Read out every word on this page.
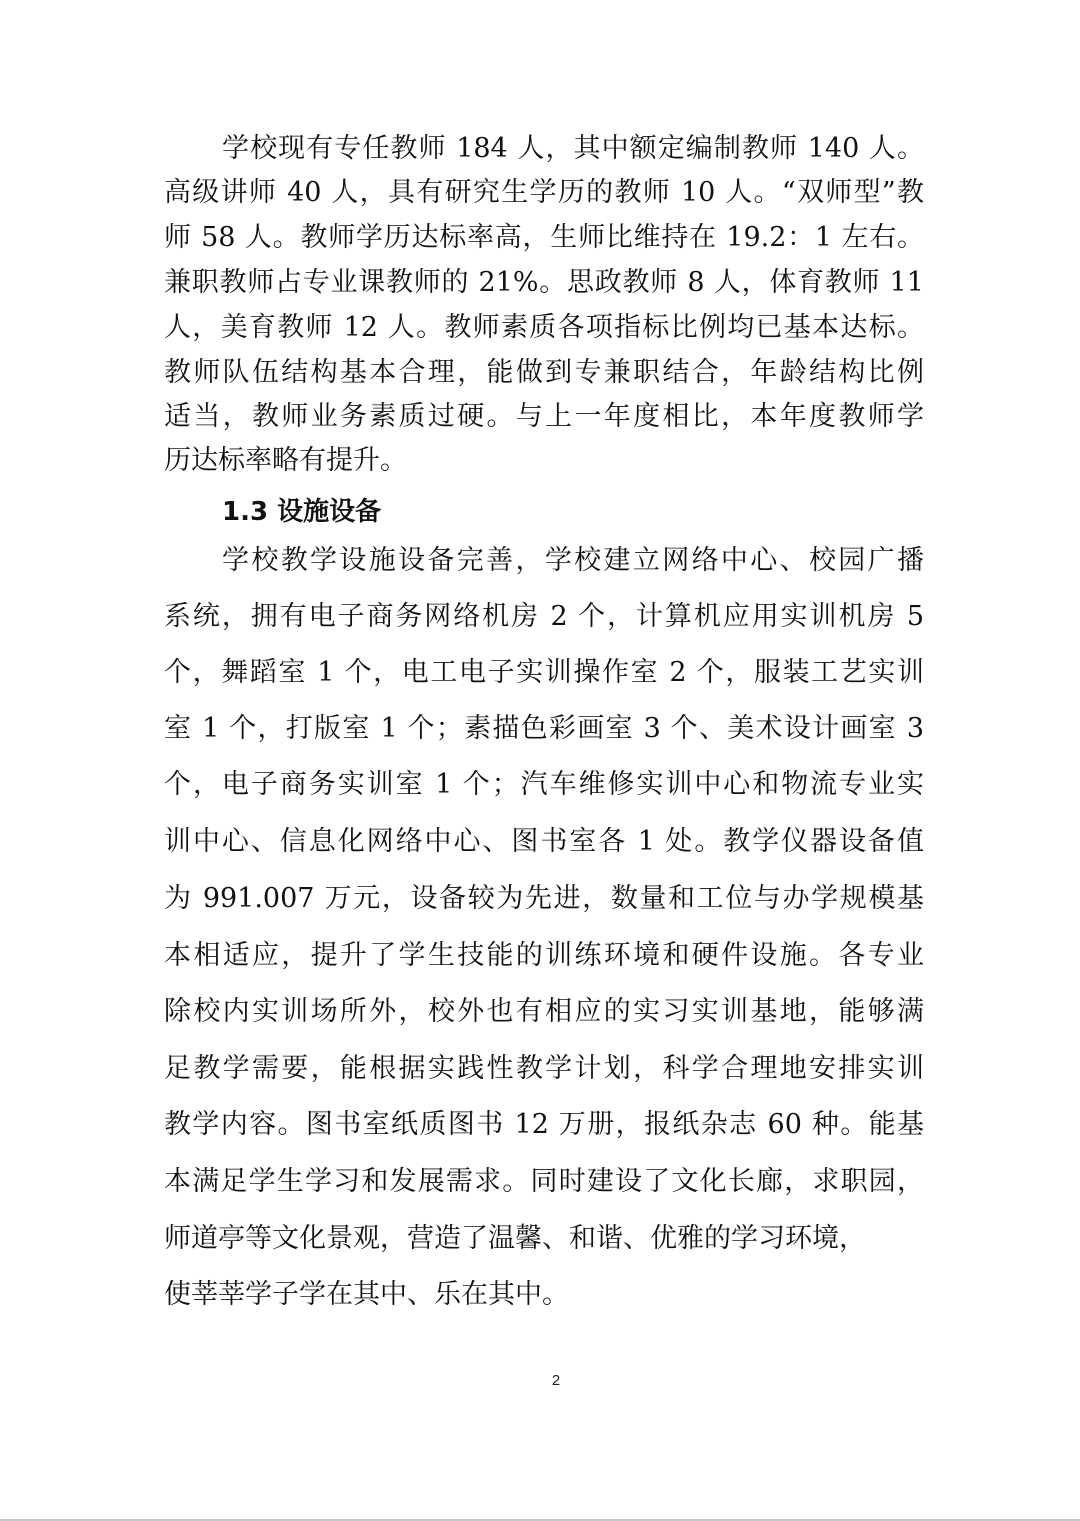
学校现有专任教师 184 人，其中额定编制教师 140 人。
高级讲师 40 人，具有研究生学历的教师 10 人。“双师型”教
师 58 人。教师学历达标率高，生师比维持在 19.2：1 左右。
兼职教师占专业课教师的 21%。思政教师 8 人，体育教师 11
人，美育教师 12 人。教师素质各项指标比例均已基本达标。
教师队伍结构基本合理，能做到专兼职结合，年龄结构比例
适当，教师业务素质过硬。与上一年度相比，本年度教师学
历达标率略有提升。
1.3 设施设备
学校教学设施设备完善，学校建立网络中心、校园广播
系统，拥有电子商务网络机房 2 个，计算机应用实训机房 5
个，舞蹈室 1 个，电工电子实训操作室 2 个，服装工艺实训
室 1 个，打版室 1 个；素描色彩画室 3 个、美术设计画室 3
个，电子商务实训室 1 个；汽车维修实训中心和物流专业实
训中心、信息化网络中心、图书室各 1 处。教学仪器设备值
为 991.007 万元，设备较为先进，数量和工位与办学规模基
本相适应，提升了学生技能的训练环境和硬件设施。各专业
除校内实训场所外，校外也有相应的实习实训基地，能够满
足教学需要，能根据实践性教学计划，科学合理地安排实训
教学内容。图书室纸质图书 12 万册，报纸杂志 60 种。能基
本满足学生学习和发展需求。同时建设了文化长廊，求职园，
师道亭等文化景观，营造了温馨、和谐、优雅的学习环境，
使莘莘学子学在其中、乐在其中。
2
